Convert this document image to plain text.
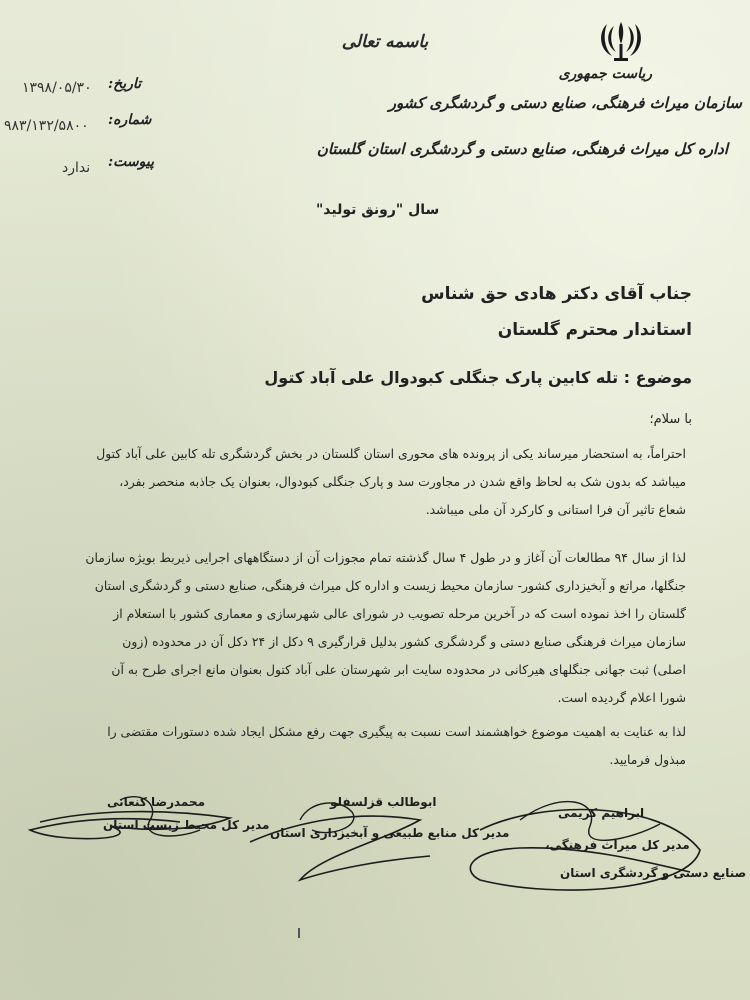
باسمه تعالی
ریاست جمهوری
سازمان میراث فرهنگی، صنایع دستی و گردشگری کشور
اداره کل میراث فرهنگی، صنایع دستی و گردشگری استان گلستان
تاریخ:
۱۳۹۸/۰۵/۳۰
شماره:
۹۸۳/۱۳۲/۵۸۰۰
پیوست:
ندارد
سال "رونق تولید"
جناب آقای دکتر هادی حق شناس
استاندار محترم گلستان
موضوع : تله کابین پارک جنگلی کبودوال علی آباد کتول
با سلام؛
احتراماً، به استحضار میرساند یکی از پرونده های محوری استان گلستان در بخش گردشگری تله کابین علی آباد کتول
میباشد که بدون شک به لحاظ واقع شدن در مجاورت سد و پارک جنگلی کبودوال، بعنوان یک جاذبه منحصر بفرد،
شعاع تاثیر آن فرا استانی و کارکرد آن ملی میباشد.
لذا از سال ۹۴ مطالعات آن آغاز و در طول ۴ سال گذشته تمام مجوزات آن از دستگاههای اجرایی ذیربط بویژه سازمان
جنگلها، مراتع و آبخیزداری کشور- سازمان محیط زیست و اداره کل میراث فرهنگی، صنایع دستی و گردشگری استان
گلستان را اخذ نموده است که در آخرین مرحله تصویب در شورای عالی شهرسازی و معماری کشور با استعلام از
سازمان میراث فرهنگی صنایع دستی و گردشگری کشور بدلیل قرارگیری ۹ دکل از ۲۴ دکل آن در محدوده (زون
اصلی) ثبت جهانی جنگلهای هیرکانی در محدوده سایت ابر شهرستان علی آباد کتول بعنوان مانع اجرای طرح به آن
شورا اعلام گردیده است.
لذا به عنایت به اهمیت موضوع خواهشمند است نسبت به پیگیری جهت رفع مشکل ایجاد شده دستورات مقتضی را
مبذول فرمایید.
محمدرضا کنعانی
مدیر کل محیط زیست استان
ابوطالب قزلسفلو
مدیر کل منابع طبیعی و آبخیزداری استان
ابراهیم کریمی
مدیر کل میراث فرهنگی،
صنایع دستی و گردشگری استان
